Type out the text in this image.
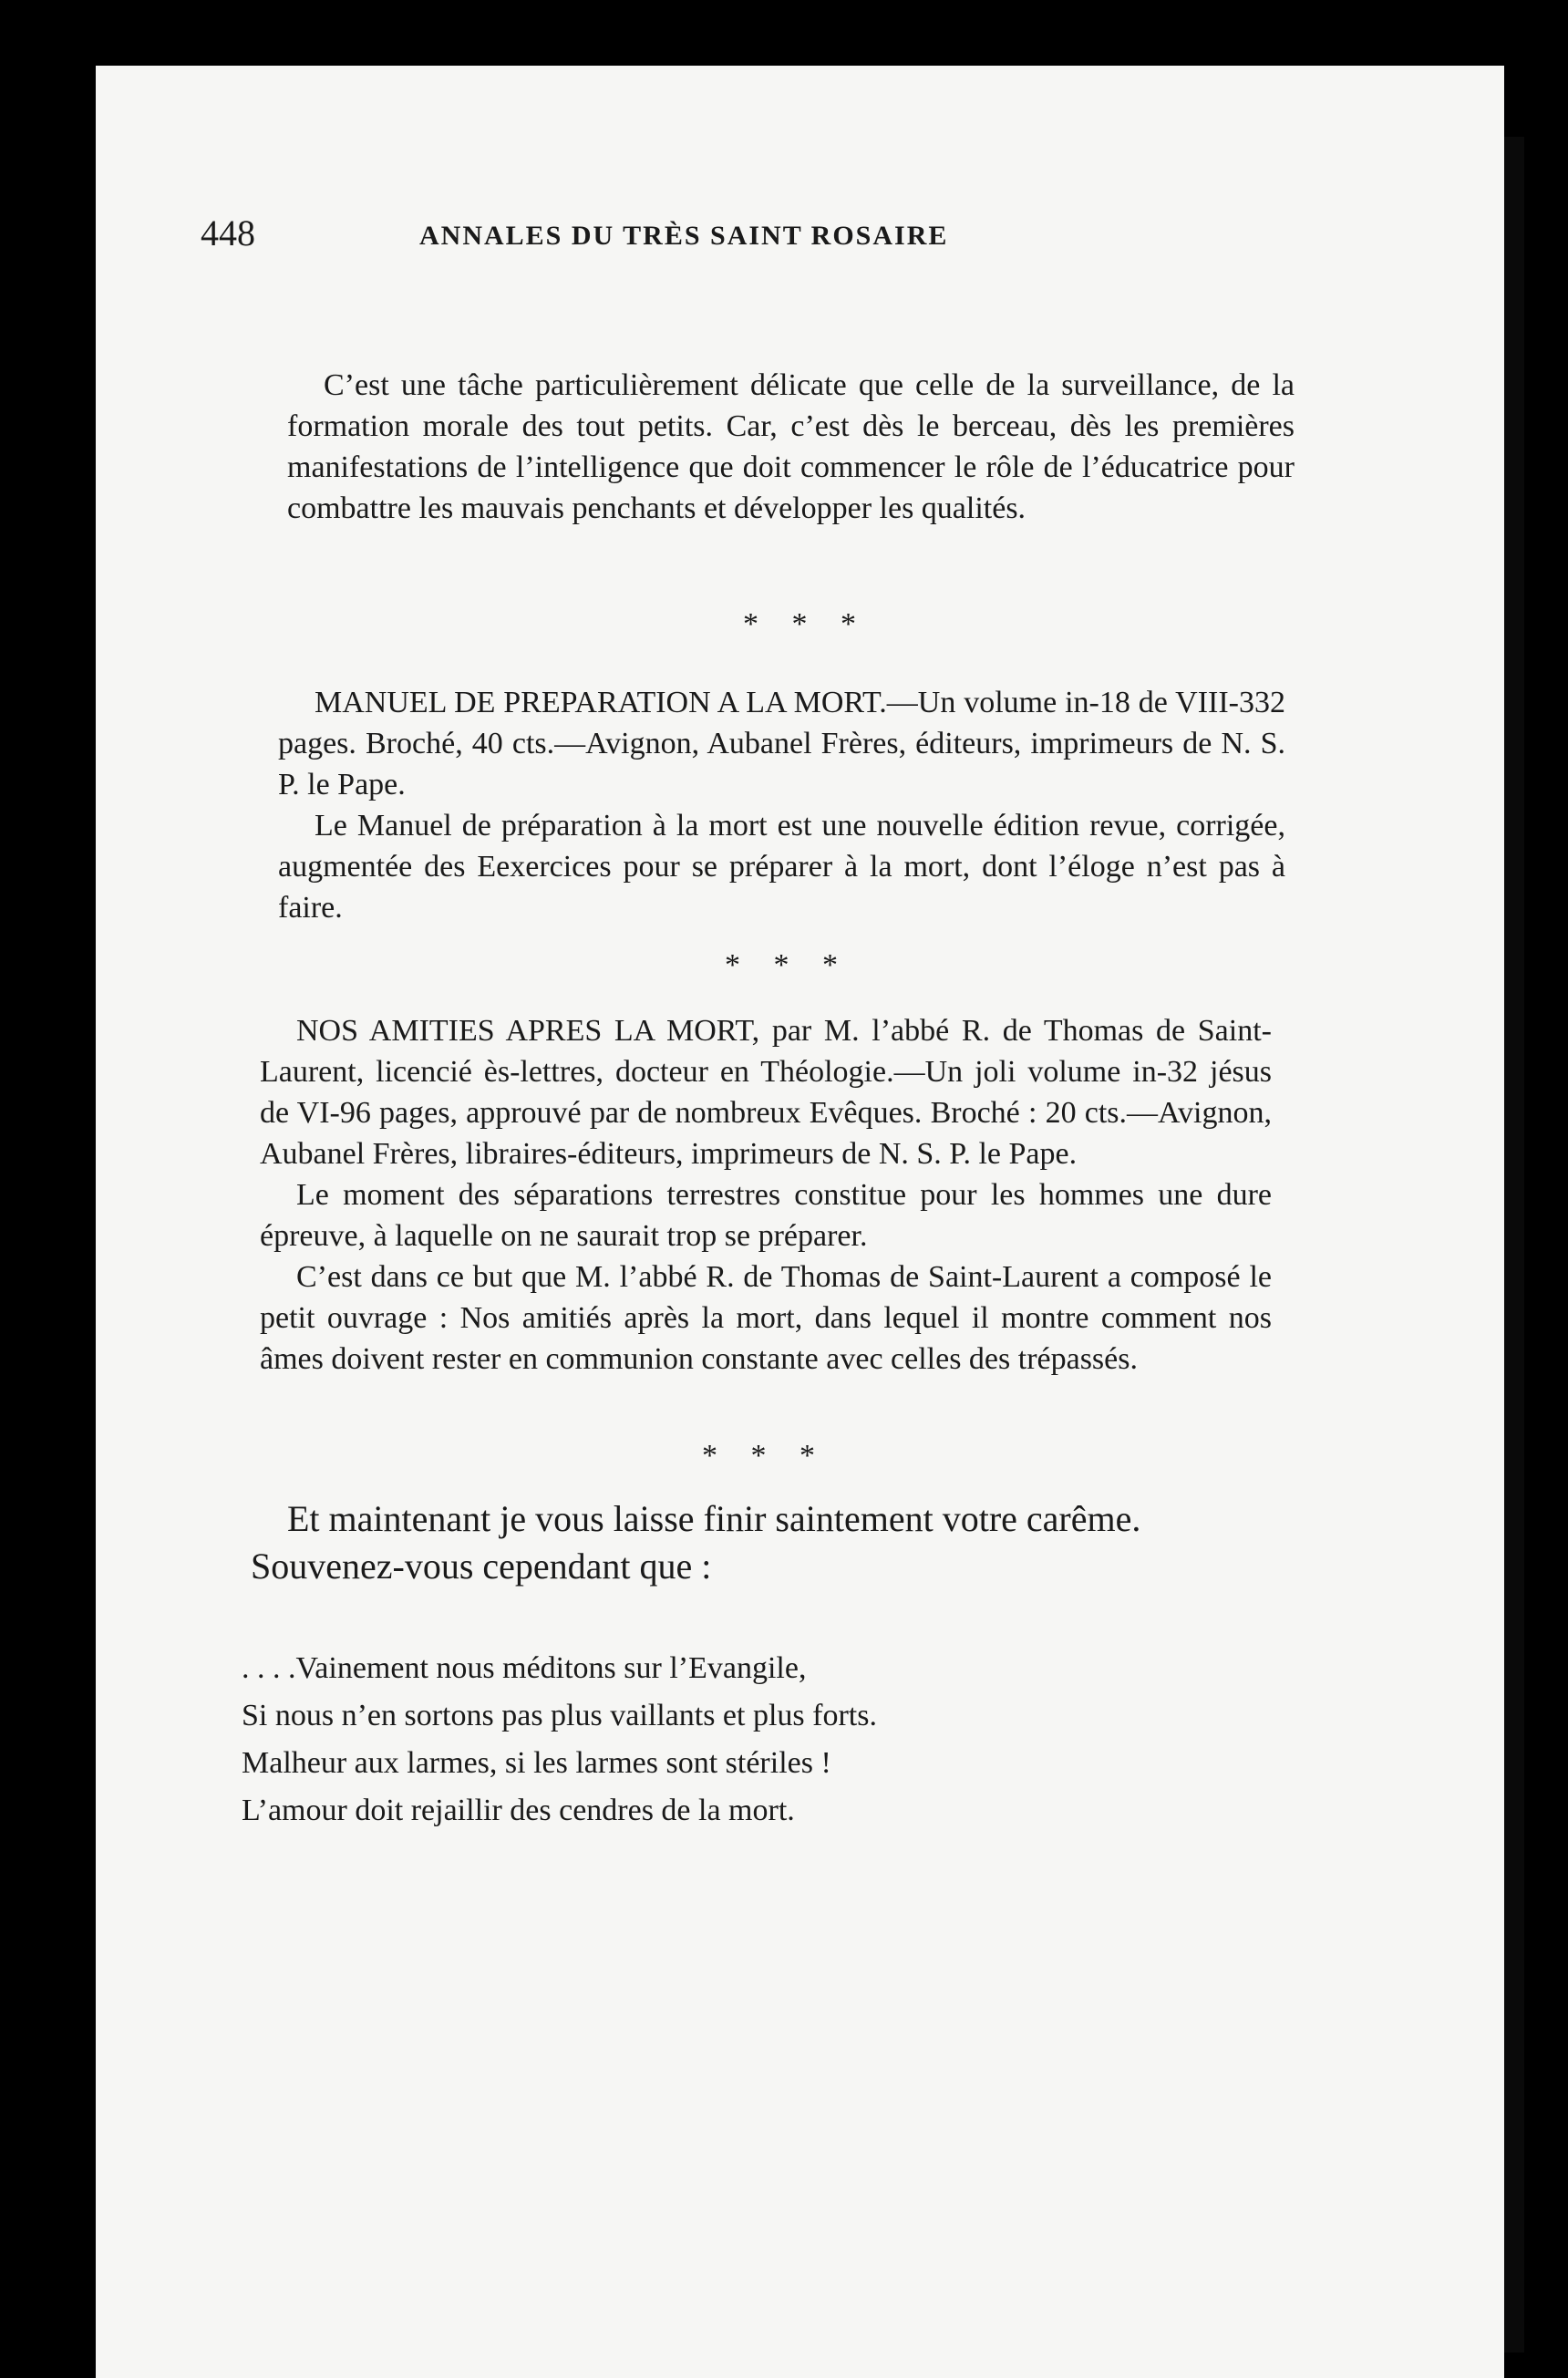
448	ANNALES DU TRÈS SAINT ROSAIRE

C’est une tâche particulièrement délicate que celle de la surveillance, de la formation morale des tout petits. Car, c’est dès le berceau, dès les premières manifestations de l’intelligence que doit commencer le rôle de l’éducatrice pour combattre les mauvais penchants et développer les qualités.

* * *

MANUEL DE PREPARATION A LA MORT.—Un volume in-18 de VIII-332 pages. Broché, 40 cts.—Avignon, Aubanel Frères, éditeurs, imprimeurs de N. S. P. le Pape.

Le Manuel de préparation à la mort est une nouvelle édition revue, corrigée, augmentée des Eexercices pour se préparer à la mort, dont l’éloge n’est pas à faire.

* * *

NOS AMITIES APRES LA MORT, par M. l’abbé R. de Thomas de Saint-Laurent, licencié ès-lettres, docteur en Théologie.—Un joli volume in-32 jésus de VI-96 pages, approuvé par de nombreux Evêques. Broché : 20 cts.—Avignon, Aubanel Frères, libraires-éditeurs, imprimeurs de N. S. P. le Pape.

Le moment des séparations terrestres constitue pour les hommes une dure épreuve, à laquelle on ne saurait trop se préparer.

C’est dans ce but que M. l’abbé R. de Thomas de Saint-Laurent a composé le petit ouvrage : Nos amitiés après la mort, dans lequel il montre comment nos âmes doivent rester en communion constante avec celles des trépassés.

* * *

Et maintenant je vous laisse finir saintement votre carême. Souvenez-vous cependant que :

. . . .Vainement nous méditons sur l’Evangile,
Si nous n’en sortons pas plus vaillants et plus forts.
Malheur aux larmes, si les larmes sont stériles !
L’amour doit rejaillir des cendres de la mort.
